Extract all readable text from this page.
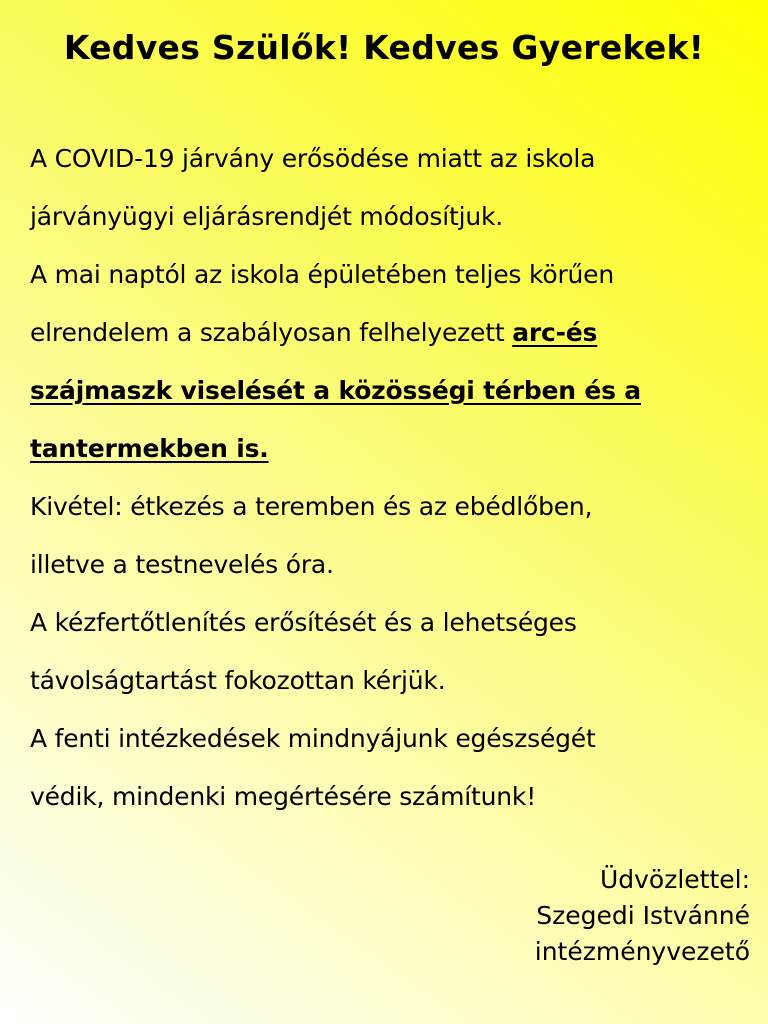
Kedves Szülők! Kedves Gyerekek!
A COVID-19 járvány erősödése miatt az iskola
járványügyi eljárásrendjét módosítjuk.
A mai naptól az iskola épületében teljes körűen
elrendelem a szabályosan felhelyezett arc-és
szájmaszk viselését a közösségi térben és a
tantermekben is.
Kivétel: étkezés a teremben és az ebédlőben,
illetve a testnevelés óra.
A kézfertőtlenítés erősítését és a lehetséges
távolságtartást fokozottan kérjük.
A fenti intézkedések mindnyájunk egészségét
védik, mindenki megértésére számítunk!
Üdvözlettel:
Szegedi Istvánné
intézményvezető
